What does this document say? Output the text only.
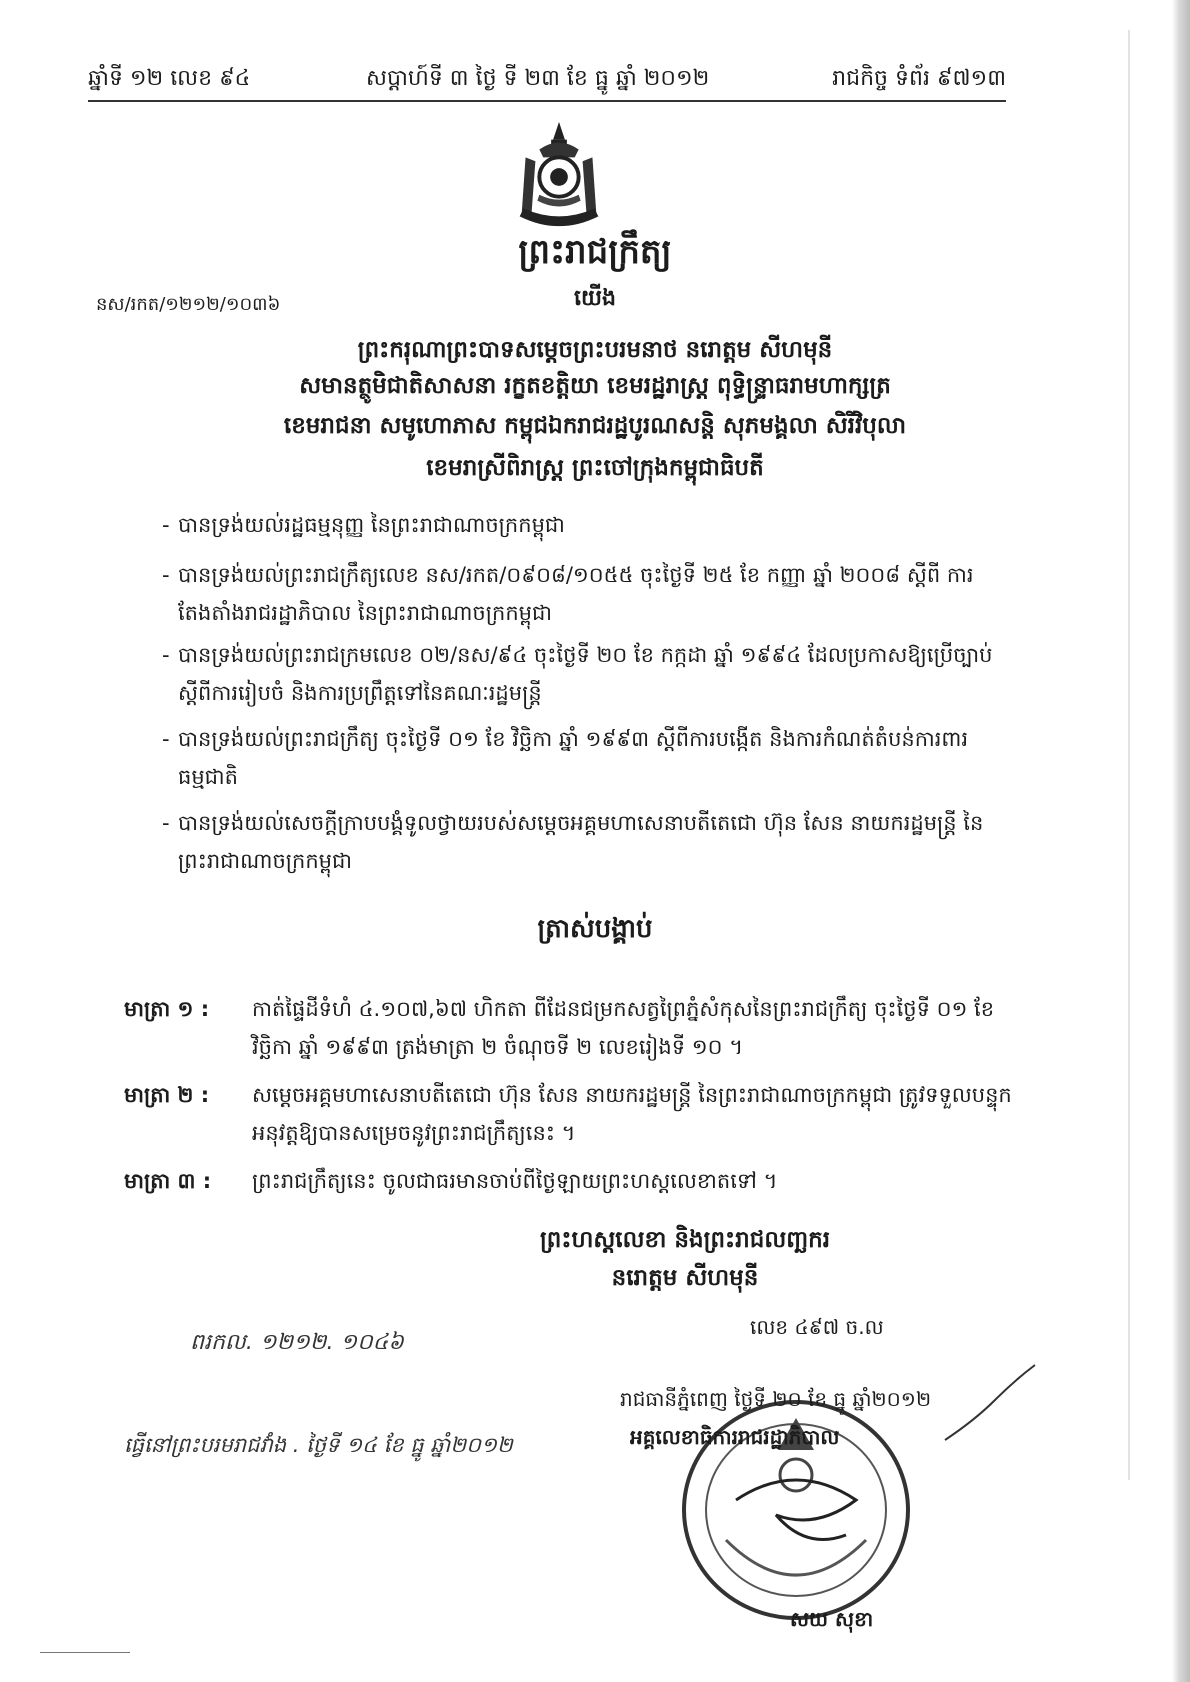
ឆ្នាំទី ១២ លេខ ៩៤	សប្តាហ៍ទី ៣ ថ្ងៃ ទី ២៣ ខែ ធ្នូ ឆ្នាំ ២០១២	រាជកិច្ច ទំព័រ ៩៧១៣
ព្រះរាជក្រឹត្យ
នស/រកត/១២១២/១០៣៦	យើង
ព្រះករុណាព្រះបាទសម្តេចព្រះបរមនាថ នរោត្តម សីហមុនី
សមានត្ថូមិជាតិសាសនា រក្ខតខត្តិយា ខេមរដ្ឋរាស្ត្រ ពុទ្ធិន្ទ្រាធរាមហាក្សត្រ
ខេមរាជនា សមូហោភាស កម្ពុជឯករាជរដ្ឋបូរណសន្តិ សុភមង្គលា សិរីវិបុលា
ខេមរាស្រីពិរាស្ត្រ ព្រះចៅក្រុងកម្ពុជាធិបតី
- បានទ្រង់យល់រដ្ឋធម្មនុញ្ញ នៃព្រះរាជាណាចក្រកម្ពុជា
- បានទ្រង់យល់ព្រះរាជក្រឹត្យលេខ នស/រកត/០៩០៨/១០៥៥ ចុះថ្ងៃទី ២៥ ខែ កញ្ញា ឆ្នាំ ២០០៨ ស្តីពី ការតែងតាំងរាជរដ្ឋាភិបាល នៃព្រះរាជាណាចក្រកម្ពុជា
- បានទ្រង់យល់ព្រះរាជក្រមលេខ ០២/នស/៩៤ ចុះថ្ងៃទី ២០ ខែ កក្កដា ឆ្នាំ ១៩៩៤ ដែលប្រកាសឱ្យប្រើច្បាប់ស្តីពីការរៀបចំ និងការប្រព្រឹត្តទៅនៃគណៈរដ្ឋមន្ត្រី
- បានទ្រង់យល់ព្រះរាជក្រឹត្យ ចុះថ្ងៃទី ០១ ខែ វិច្ឆិកា ឆ្នាំ ១៩៩៣ ស្តីពីការបង្កើត និងការកំណត់តំបន់ការពារធម្មជាតិ
- បានទ្រង់យល់សេចក្តីក្រាបបង្គំទូលថ្វាយរបស់សម្តេចអគ្គមហាសេនាបតីតេជោ ហ៊ុន សែន នាយករដ្ឋមន្ត្រី នៃព្រះរាជាណាចក្រកម្ពុជា
ត្រាស់បង្គាប់
មាត្រា ១ :	កាត់ផ្ទៃដីទំហំ ៤.១០៧,៦៧ ហិកតា ពីដែនជម្រកសត្វព្រៃភ្នំសំកុសនៃព្រះរាជក្រឹត្យ ចុះថ្ងៃទី ០១ ខែ វិច្ឆិកា ឆ្នាំ ១៩៩៣ ត្រង់មាត្រា ២ ចំណុចទី ២ លេខរៀងទី ១០ ។
មាត្រា ២ :	សម្តេចអគ្គមហាសេនាបតីតេជោ ហ៊ុន សែន នាយករដ្ឋមន្ត្រី នៃព្រះរាជាណាចក្រកម្ពុជា ត្រូវទទួលបន្ទុកអនុវត្តឱ្យបានសម្រេចនូវព្រះរាជក្រឹត្យនេះ ។
មាត្រា ៣ :	ព្រះរាជក្រឹត្យនេះ ចូលជាធរមានចាប់ពីថ្ងៃឡាយព្រះហស្តលេខាតទៅ ។
ព្រះហស្តលេខា និងព្រះរាជលញ្ឆករ
នរោត្តម សីហមុនី
ពរកល. ១២១២. ១០៤៦
ធ្វើនៅព្រះបរមរាជវាំង . ថ្ងៃទី ១៤ ខែ ធ្នូ ឆ្នាំ២០១២
លេខ ៤៩៧ ច.ល
រាជធានីភ្នំពេញ ថ្ងៃទី ២០ ខែ ធ្នូ ឆ្នាំ២០១២
អគ្គលេខាធិការរាជរដ្ឋាភិបាល
សយ សុខា
